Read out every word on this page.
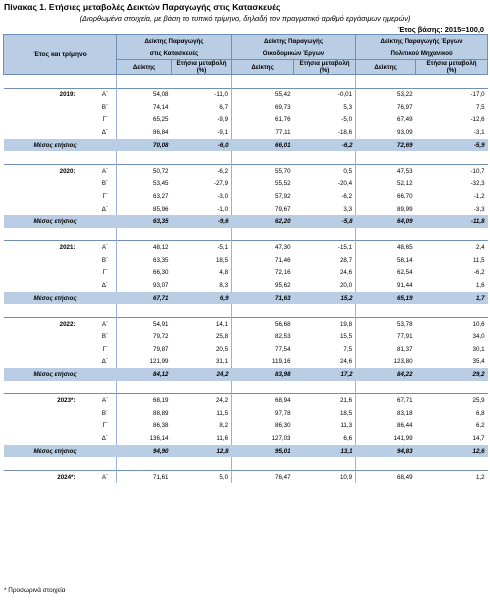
Πίνακας 1. Ετήσιες μεταβολές Δεικτών Παραγωγής στις Κατασκευές
(Διορθωμένα στοιχεία, με βάση το τυπικό τρίμηνο, δηλαδή τον πραγματικό αριθμό εργάσιμων ημερών)
Έτος βάσης: 2015=100,0
Έτος και τρίμηνο		Δείκτης Παραγωγής		Δείκτης Παραγωγής		Δείκτης Παραγωγής Έργων	
		στις Κατασκευές		Οικοδομικών Έργων		Πολιτικού Μηχανικού	
		Δείκτης	Ετήσια μεταβολή
(%)	Δείκτης	Ετήσια μεταβολή
(%)	Δείκτης	Ετήσια μεταβολή
(%)

2019:	Α΄	54,08	-11,0	55,42	-0,01	53,22	-17,0
	Β΄	74,14	6,7	69,73	5,3	76,97	7,5
	Γ΄	65,25	-9,9	61,76	-5,0	67,49	-12,6
	Δ΄	86,84	-9,1	77,11	-18,6	93,09	-3,1
Μέσος ετήσιος		70,08	-6,0	66,01	-6,2	72,69	-5,9

2020:	Α΄	50,72	-6,2	55,70	0,5	47,53	-10,7
	Β΄	53,45	-27,9	55,52	-20,4	52,12	-32,3
	Γ΄	63,27	-3,0	57,92	-6,2	66,70	-1,2
	Δ΄	85,96	-1,0	79,67	3,3	89,99	-3,3
Μέσος ετήσιος		63,35	-9,6	62,20	-5,8	64,09	-11,8

2021:	Α΄	48,12	-5,1	47,30	-15,1	48,65	2,4
	Β΄	63,35	18,5	71,46	28,7	58,14	11,5
	Γ΄	66,30	4,8	72,16	24,6	62,54	-6,2
	Δ΄	93,07	8,3	95,62	20,0	91,44	1,6
Μέσος ετήσιος		67,71	6,9	71,63	15,2	65,19	1,7

2022:	Α΄	54,91	14,1	56,68	19,8	53,78	10,6
	Β΄	79,72	25,8	82,53	15,5	77,91	34,0
	Γ΄	79,87	20,5	77,54	7,5	81,37	30,1
	Δ΄	121,99	31,1	119,16	24,6	123,80	35,4
Μέσος ετήσιος		84,12	24,2	83,98	17,2	84,22	29,2

2023*:	Α΄	68,19	24,2	68,94	21,6	67,71	25,9
	Β΄	88,89	11,5	97,78	18,5	83,18	6,8
	Γ΄	86,38	8,2	86,30	11,3	86,44	6,2
	Δ΄	136,14	11,6	127,03	6,6	141,99	14,7
Μέσος ετήσιος		94,90	12,8	95,01	13,1	94,83	12,6

2024*:	Α΄	71,61	5,0	76,47	10,9	68,49	1,2
* Προσωρινά στοιχεία
